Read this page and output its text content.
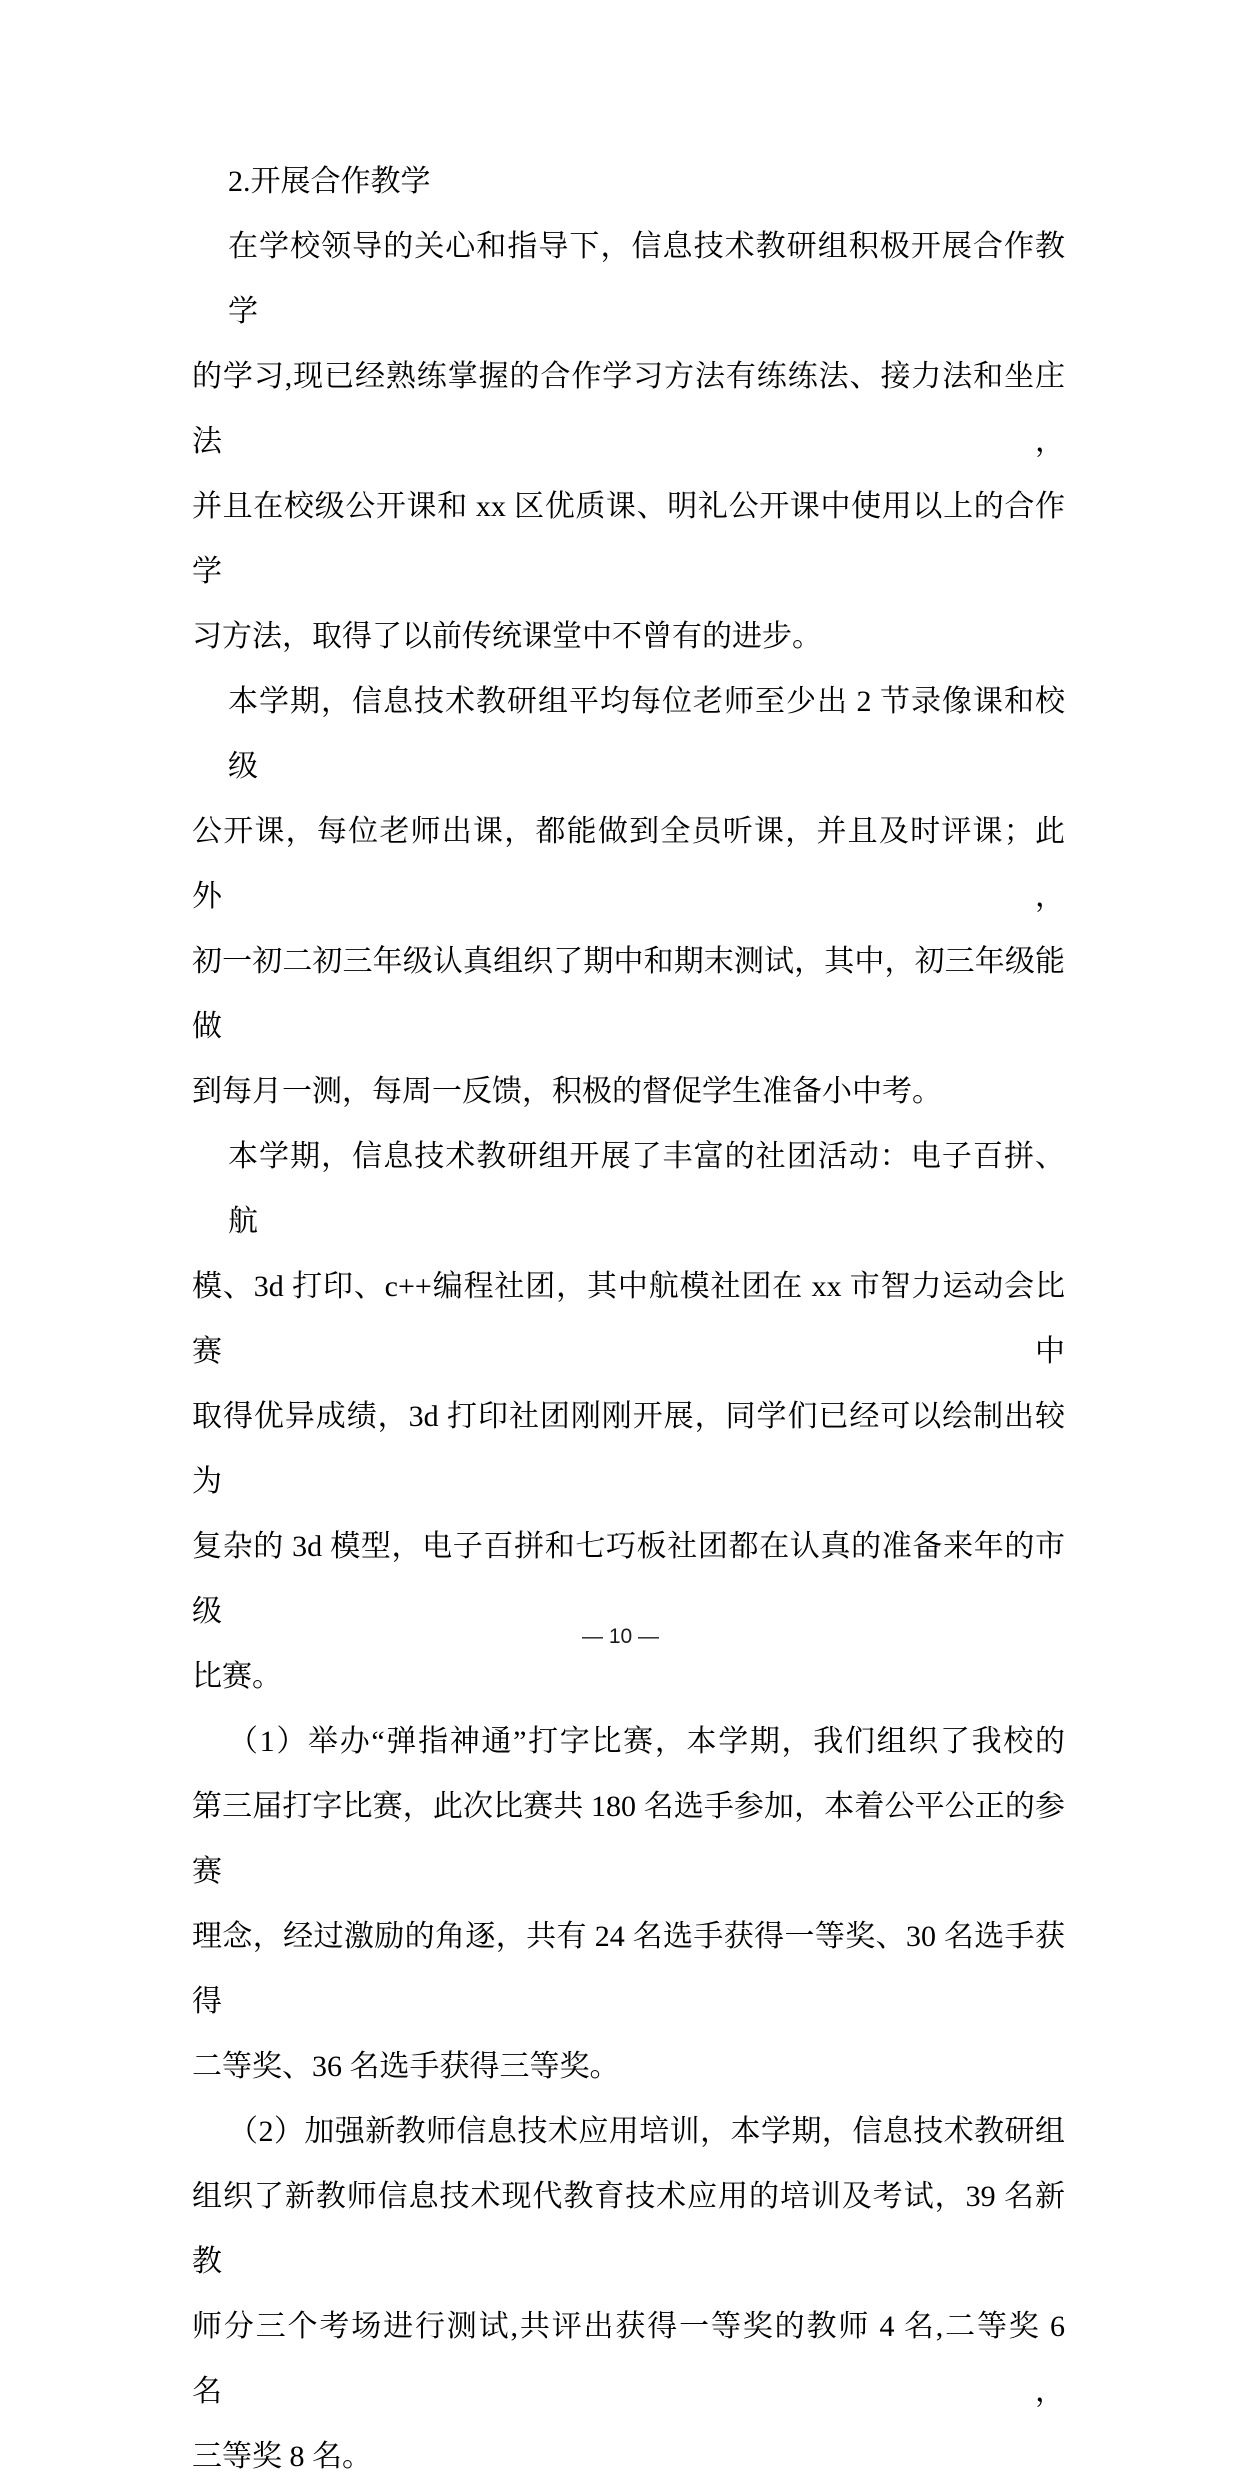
2.开展合作教学
在学校领导的关心和指导下，信息技术教研组积极开展合作教学
的学习,现已经熟练掌握的合作学习方法有练练法、接力法和坐庄法，
并且在校级公开课和 xx 区优质课、明礼公开课中使用以上的合作学
习方法，取得了以前传统课堂中不曾有的进步。
本学期，信息技术教研组平均每位老师至少出 2 节录像课和校级
公开课，每位老师出课，都能做到全员听课，并且及时评课；此外，
初一初二初三年级认真组织了期中和期末测试，其中，初三年级能做
到每月一测，每周一反馈，积极的督促学生准备小中考。
本学期，信息技术教研组开展了丰富的社团活动：电子百拼、航
模、3d 打印、c++编程社团，其中航模社团在 xx 市智力运动会比赛中
取得优异成绩，3d 打印社团刚刚开展，同学们已经可以绘制出较为
复杂的 3d 模型，电子百拼和七巧板社团都在认真的准备来年的市级
比赛。
（1）举办“弹指神通”打字比赛，本学期，我们组织了我校的
第三届打字比赛，此次比赛共 180 名选手参加，本着公平公正的参赛
理念，经过激励的角逐，共有 24 名选手获得一等奖、30 名选手获得
二等奖、36 名选手获得三等奖。
（2）加强新教师信息技术应用培训，本学期，信息技术教研组
组织了新教师信息技术现代教育技术应用的培训及考试，39 名新教
师分三个考场进行测试,共评出获得一等奖的教师 4 名,二等奖 6 名，
三等奖 8 名。
— 10 —
